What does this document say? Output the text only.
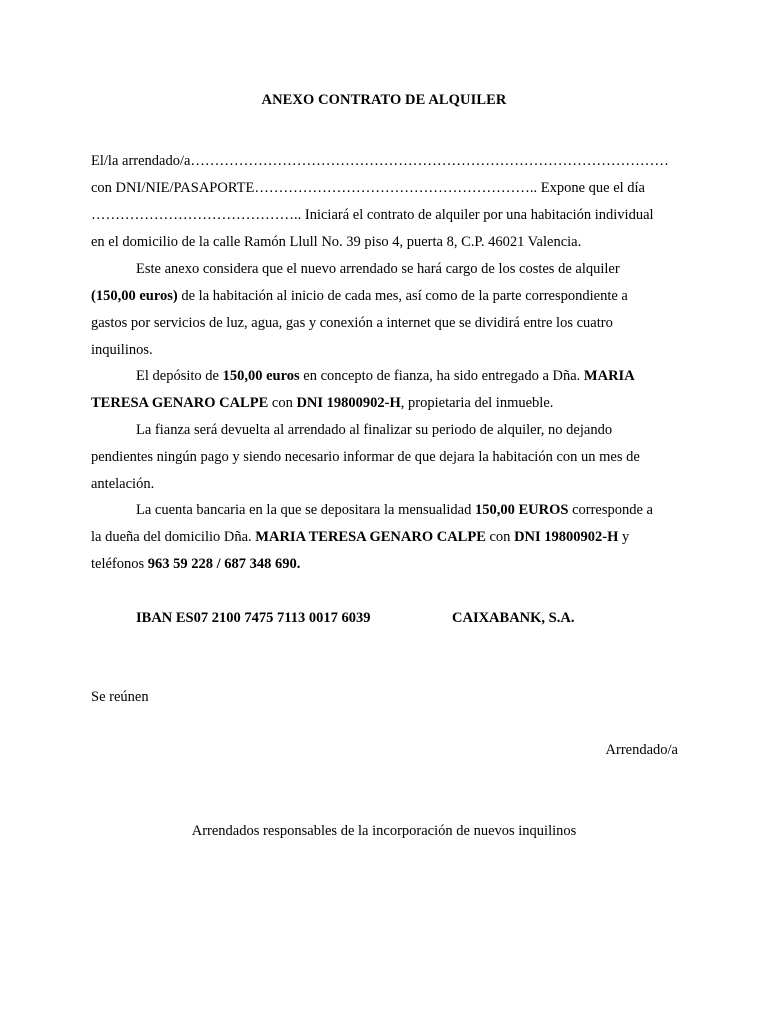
ANEXO CONTRATO DE ALQUILER
El/la arrendado/a………………………………………………………………………………………
con DNI/NIE/PASAPORTE………………………………………………….. Expone que el día
…………………………………….. Iniciará el contrato de alquiler por una habitación individual
en el domicilio de la calle Ramón Llull No. 39 piso 4, puerta 8, C.P. 46021 Valencia.
Este anexo considera que el nuevo arrendado se hará cargo de los costes de alquiler
(150,00 euros) de la habitación al inicio de cada mes, así como de la parte correspondiente a
gastos por servicios de luz, agua, gas y conexión a internet que se dividirá entre los cuatro
inquilinos.
El depósito de 150,00 euros en concepto de fianza, ha sido entregado a Dña. MARIA
TERESA GENARO CALPE con DNI 19800902-H, propietaria del inmueble.
La fianza será devuelta al arrendado al finalizar su periodo de alquiler, no dejando
pendientes ningún pago y siendo necesario informar de que dejara la habitación con un mes de
antelación.
La cuenta bancaria en la que se depositara la mensualidad 150,00 EUROS corresponde a
la dueña del domicilio Dña. MARIA TERESA GENARO CALPE con DNI 19800902-H y
teléfonos 963 59 228 / 687 348 690.
IBAN ES07 2100 7475 7113 0017 6039	CAIXABANK, S.A.
Se reúnen
Arrendado/a
Arrendados responsables de la incorporación de nuevos inquilinos
